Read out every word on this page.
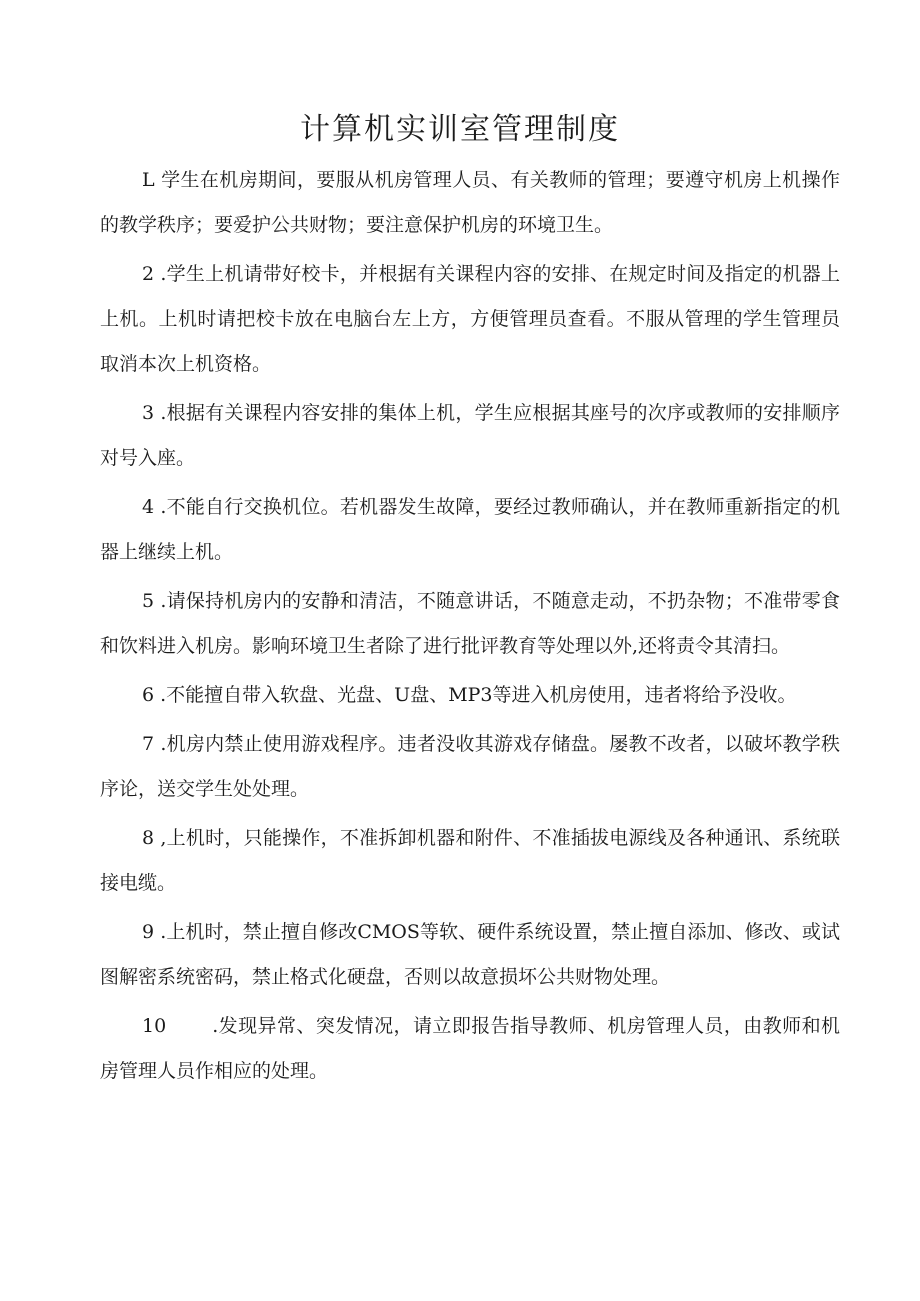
计算机实训室管理制度

L 学生在机房期间，要服从机房管理人员、有关教师的管理；要遵守机房上机操作的教学秩序；要爱护公共财物；要注意保护机房的环境卫生。

2 .学生上机请带好校卡，并根据有关课程内容的安排、在规定时间及指定的机器上上机。上机时请把校卡放在电脑台左上方，方便管理员查看。不服从管理的学生管理员取消本次上机资格。

3 .根据有关课程内容安排的集体上机，学生应根据其座号的次序或教师的安排顺序对号入座。

4 .不能自行交换机位。若机器发生故障，要经过教师确认，并在教师重新指定的机器上继续上机。

5 .请保持机房内的安静和清洁，不随意讲话，不随意走动，不扔杂物；不准带零食和饮料进入机房。影响环境卫生者除了进行批评教育等处理以外,还将责令其清扫。

6 .不能擅自带入软盘、光盘、U盘、MP3等进入机房使用，违者将给予没收。

7 .机房内禁止使用游戏程序。违者没收其游戏存储盘。屡教不改者，以破坏教学秩序论，送交学生处处理。

8 ,上机时，只能操作，不准拆卸机器和附件、不准插拔电源线及各种通讯、系统联接电缆。

9 .上机时，禁止擅自修改CMOS等软、硬件系统设置，禁止擅自添加、修改、或试图解密系统密码，禁止格式化硬盘，否则以故意损坏公共财物处理。

10 .发现异常、突发情况，请立即报告指导教师、机房管理人员，由教师和机房管理人员作相应的处理。
